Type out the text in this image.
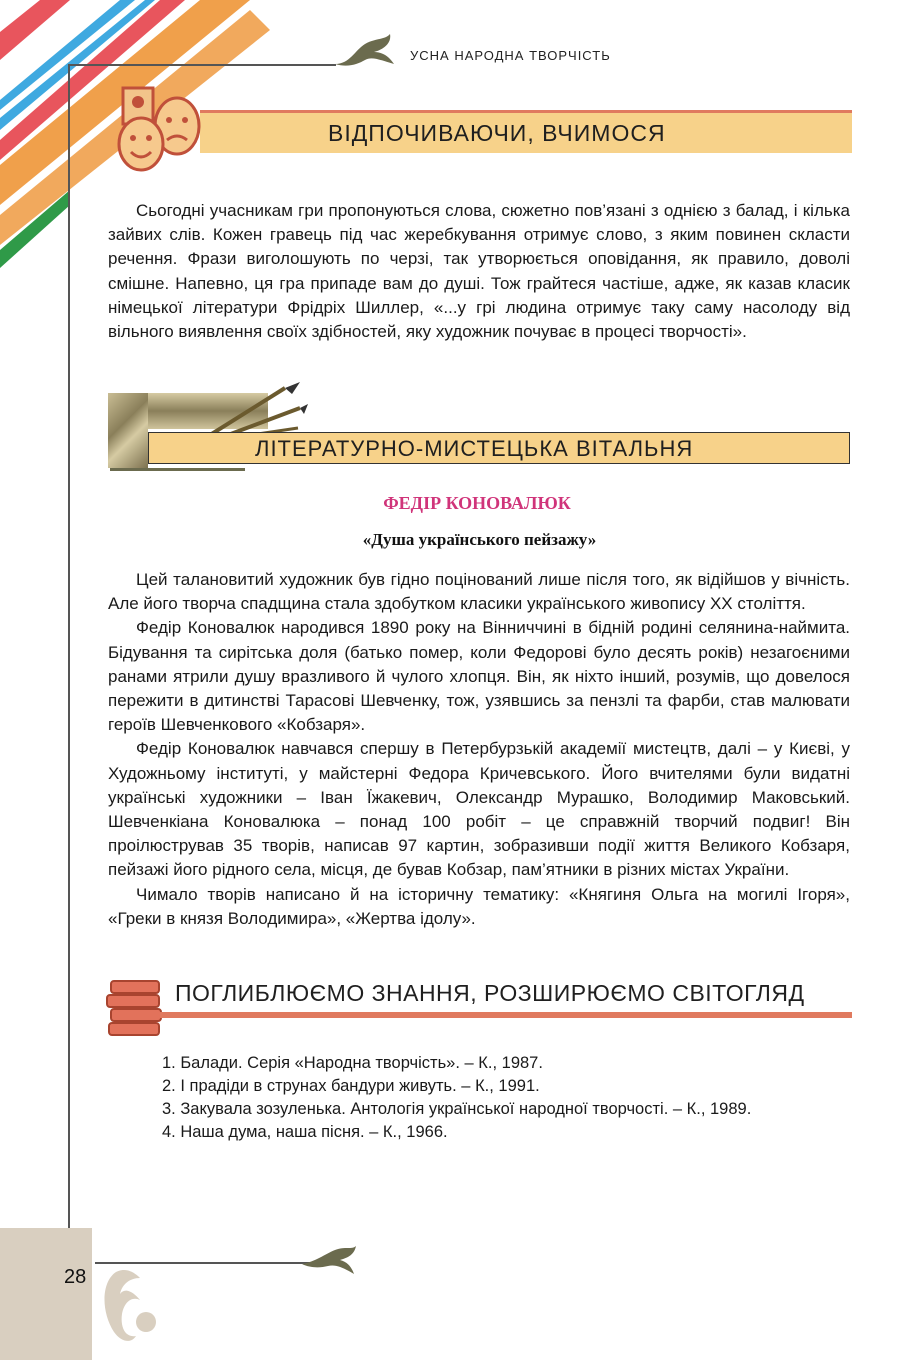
УСНА НАРОДНА ТВОРЧІСТЬ
ВІДПОЧИВАЮЧИ, ВЧИМОСЯ

Сьогодні учасникам гри пропонуються слова, сюжетно пов’язані з однією з балад, і кілька зайвих слів. Кожен гравець під час жеребкування отримує слово, з яким повинен скласти речення. Фрази виголошують по черзі, так утворюється оповідання, як правило, доволі смішне. Напевно, ця гра припаде вам до душі. Тож грайтеся частіше, адже, як казав класик німецької літератури Фрідріх Шиллер, «...у грі людина отримує таку саму насолоду від вільного виявлення своїх здібностей, яку художник почуває в процесі творчості».

ЛІТЕРАТУРНО-МИСТЕЦЬКА ВІТАЛЬНЯ
ФЕДІР КОНОВАЛЮК
«Душа українського пейзажу»

Цей талановитий художник був гідно поцінований лише після того, як відійшов у вічність. Але його творча спадщина стала здобутком класики українського живопису XX століття.

Федір Коновалюк народився 1890 року на Вінниччині в бідній родині селянина-наймита. Бідування та сирітська доля (батько помер, коли Федорові було десять років) незагоєними ранами ятрили душу вразливого й чулого хлопця. Він, як ніхто інший, розумів, що довелося пережити в дитинстві Тарасові Шевченку, тож, узявшись за пензлі та фарби, став малювати героїв Шевченкового «Кобзаря».

Федір Коновалюк навчався спершу в Петербурзькій академії мистецтв, далі – у Києві, у Художньому інституті, у майстерні Федора Кричевського. Його вчителями були видатні українські художники – Іван Їжакевич, Олександр Мурашко, Володимир Маковський. Шевченкіана Коновалюка – понад 100 робіт – це справжній творчий подвиг! Він проілюстрував 35 творів, написав 97 картин, зобразивши події життя Великого Кобзаря, пейзажі його рідного села, місця, де бував Кобзар, пам’ятники в різних містах України.

Чимало творів написано й на історичну тематику: «Княгиня Ольга на могилі Ігоря», «Греки в князя Володимира», «Жертва ідолу».

ПОГЛИБЛЮЄМО ЗНАННЯ, РОЗШИРЮЄМО СВІТОГЛЯД
1. Балади. Серія «Народна творчість». – К., 1987.
2. І прадіди в струнах бандури живуть. – К., 1991.
3. Закувала зозуленька. Антологія української народної творчості. – К., 1989.
4. Наша дума, наша пісня. – К., 1966.
28
